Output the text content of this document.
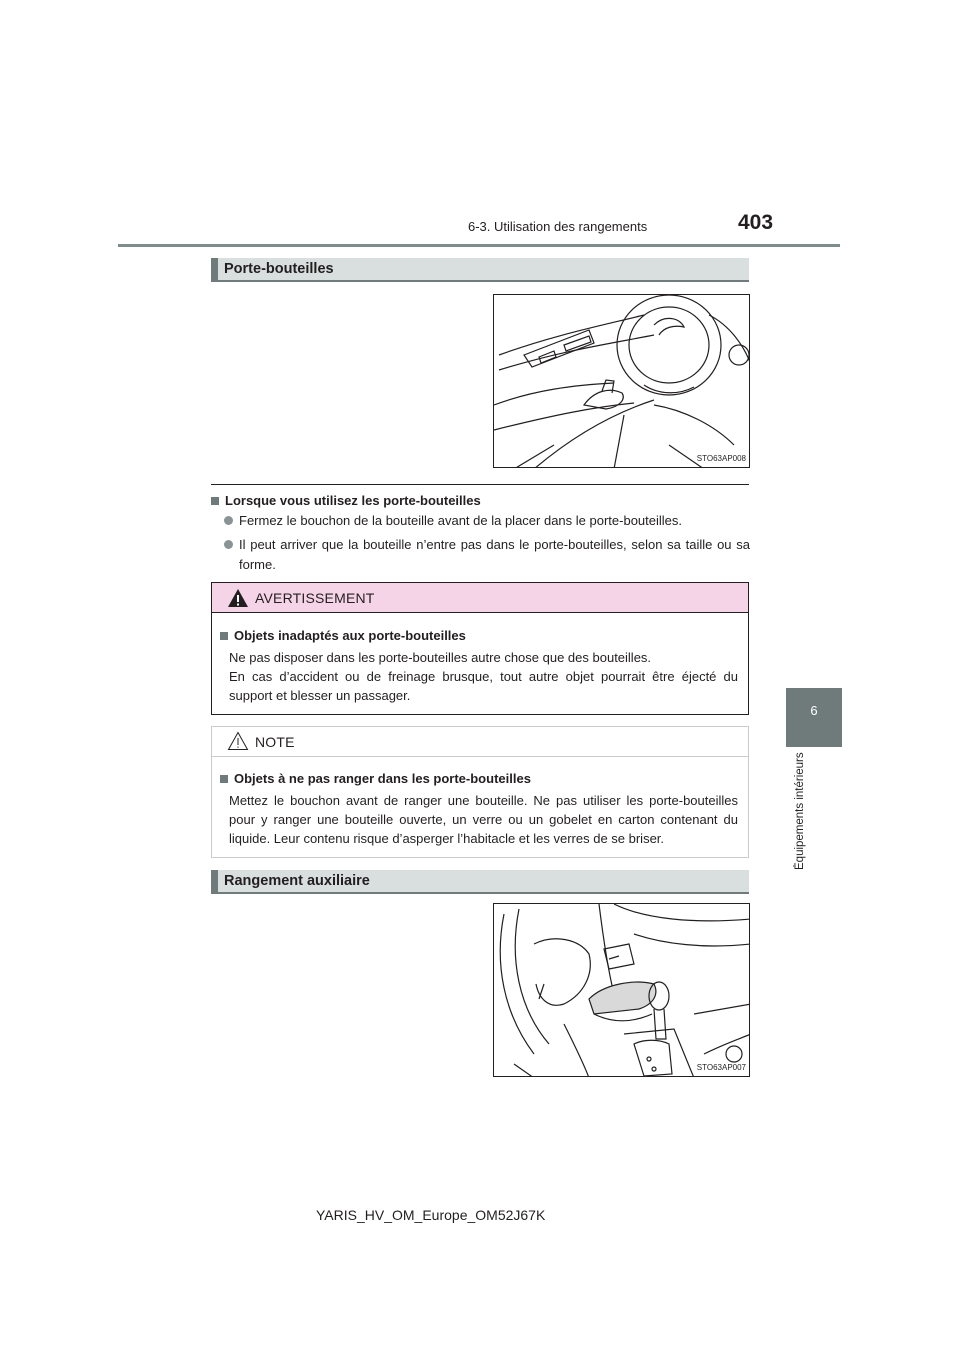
6-3. Utilisation des rangements	403
6
Équipements intérieurs
Porte-bouteilles
STO63AP008
Lorsque vous utilisez les porte-bouteilles
Fermez le bouchon de la bouteille avant de la placer dans le porte-bouteilles.
Il peut arriver que la bouteille n’entre pas dans le porte-bouteilles, selon sa taille ou sa forme.
AVERTISSEMENT
Objets inadaptés aux porte-bouteilles
Ne pas disposer dans les porte-bouteilles autre chose que des bouteilles.
En cas d’accident ou de freinage brusque, tout autre objet pourrait être éjecté du support et blesser un passager.
NOTE
Objets à ne pas ranger dans les porte-bouteilles
Mettez le bouchon avant de ranger une bouteille. Ne pas utiliser les porte-bouteilles pour y ranger une bouteille ouverte, un verre ou un gobelet en carton contenant du liquide. Leur contenu risque d’asperger l’habitacle et les verres de se briser.
Rangement auxiliaire
STO63AP007
YARIS_HV_OM_Europe_OM52J67K
